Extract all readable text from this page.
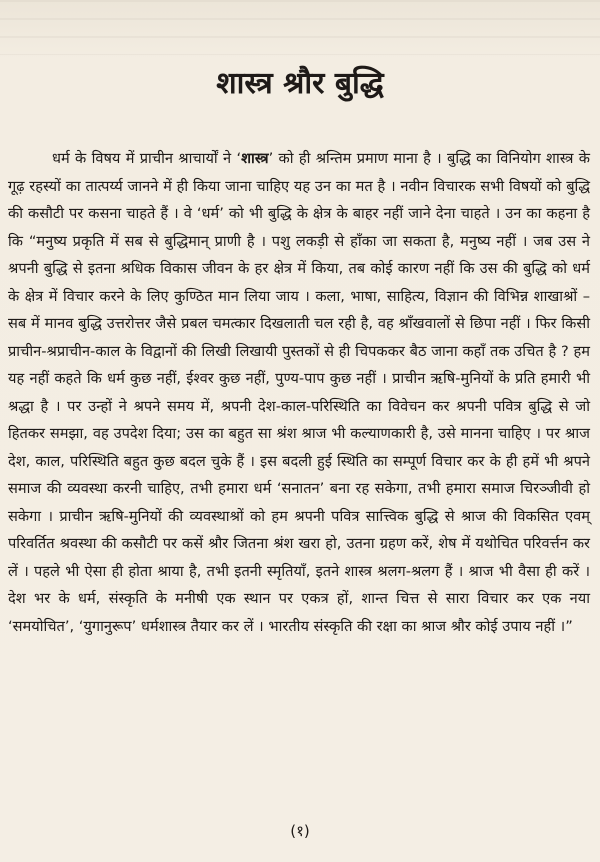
शास्त्र श्रौर बुद्धि

धर्म के विषय में प्राचीन श्राचार्यों ने ‘शास्त्र’ को ही श्रन्तिम प्रमाण माना है । बुद्धि का विनियोग शास्त्र के गूढ़ रहस्यों का तात्पर्य्य जानने में ही किया जाना चाहिए यह उन का मत है । नवीन विचारक सभी विषयों को बुद्धि की कसौटी पर कसना चाहते हैं । वे ‘धर्म’ को भी बुद्धि के क्षेत्र के बाहर नहीं जाने देना चाहते । उन का कहना है कि “मनुष्य प्रकृति में सब से बुद्धिमान् प्राणी है । पशु लकड़ी से हाँका जा सकता है, मनुष्य नहीं । जब उस ने श्रपनी बुद्धि से इतना श्रधिक विकास जीवन के हर क्षेत्र में किया, तब कोई कारण नहीं कि उस की बुद्धि को धर्म के क्षेत्र में विचार करने के लिए कुण्ठित मान लिया जाय । कला, भाषा, साहित्य, विज्ञान की विभिन्न शाखाश्रों – सब में मानव बुद्धि उत्तरोत्तर जैसे प्रबल चमत्कार दिखलाती चल रही है, वह श्राँखवालों से छिपा नहीं । फिर किसी प्राचीन-श्रप्राचीन-काल के विद्वानों की लिखी लिखायी पुस्तकों से ही चिपककर बैठ जाना कहाँ तक उचित है ? हम यह नहीं कहते कि धर्म कुछ नहीं, ईश्वर कुछ नहीं, पुण्य-पाप कुछ नहीं । प्राचीन ऋषि-मुनियों के प्रति हमारी भी श्रद्धा है । पर उन्हों ने श्रपने समय में, श्रपनी देश-काल-परिस्थिति का विवेचन कर श्रपनी पवित्र बुद्धि से जो हितकर समझा, वह उपदेश दिया; उस का बहुत सा श्रंश श्राज भी कल्याणकारी है, उसे मानना चाहिए । पर श्राज देश, काल, परिस्थिति बहुत कुछ बदल चुके हैं । इस बदली हुई स्थिति का सम्पूर्ण विचार कर के ही हमें भी श्रपने समाज की व्यवस्था करनी चाहिए, तभी हमारा धर्म ‘सनातन’ बना रह सकेगा, तभी हमारा समाज चिरञ्जीवी हो सकेगा । प्राचीन ऋषि-मुनियों की व्यवस्थाश्रों को हम श्रपनी पवित्र सात्त्विक बुद्धि से श्राज की विकसित एवम् परिवर्तित श्रवस्था की कसौटी पर कसें श्रौर जितना श्रंश खरा हो, उतना ग्रहण करें, शेष में यथोचित परिवर्त्तन कर लें । पहले भी ऐसा ही होता श्राया है, तभी इतनी स्मृतियाँ, इतने शास्त्र श्रलग-श्रलग हैं । श्राज भी वैसा ही करें । देश भर के धर्म, संस्कृति के मनीषी एक स्थान पर एकत्र हों, शान्त चित्त से सारा विचार कर एक नया ‘समयोचित’, ‘युगानुरूप’ धर्मशास्त्र तैयार कर लें । भारतीय संस्कृति की रक्षा का श्राज श्रौर कोई उपाय नहीं ।”

(१)
